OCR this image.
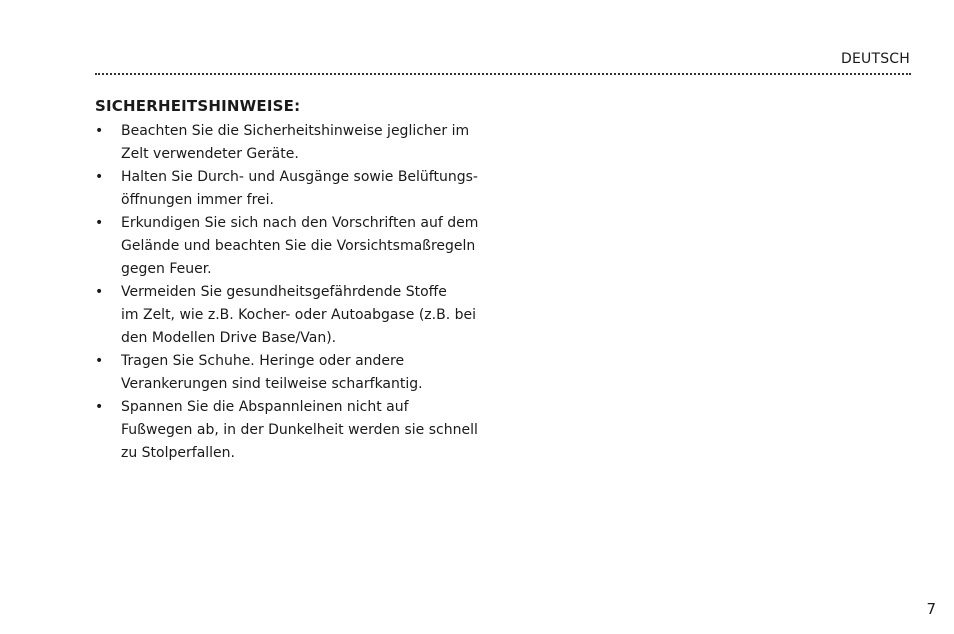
DEUTSCH
SICHERHEITSHINWEISE:
• Beachten Sie die Sicherheitshinweise jeglicher im
Zelt verwendeter Geräte.
• Halten Sie Durch- und Ausgänge sowie Belüftungs-
öffnungen immer frei.
• Erkundigen Sie sich nach den Vorschriften auf dem
Gelände und beachten Sie die Vorsichtsmaßregeln
gegen Feuer.
• Vermeiden Sie gesundheitsgefährdende Stoffe
im Zelt, wie z.B. Kocher- oder Autoabgase (z.B. bei
den Modellen Drive Base/Van).
• Tragen Sie Schuhe. Heringe oder andere
Verankerungen sind teilweise scharfkantig.
• Spannen Sie die Abspannleinen nicht auf
Fußwegen ab, in der Dunkelheit werden sie schnell
zu Stolperfallen.
7
